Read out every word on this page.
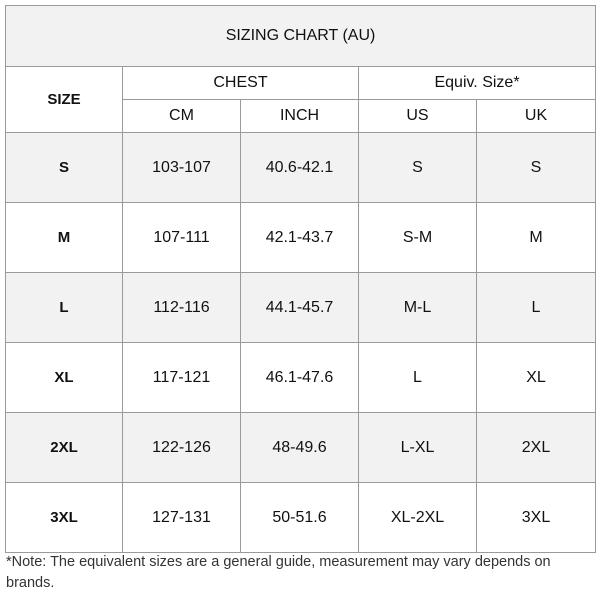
SIZING CHART (AU)				
SIZE	CHEST		Equiv. Size*	
	CM	INCH	US	UK
S	103-107	40.6-42.1	S	S
M	107-111	42.1-43.7	S-M	M
L	112-116	44.1-45.7	M-L	L
XL	117-121	46.1-47.6	L	XL
2XL	122-126	48-49.6	L-XL	2XL
3XL	127-131	50-51.6	XL-2XL	3XL
*Note: The equivalent sizes are a general guide, measurement may vary depends on brands.
